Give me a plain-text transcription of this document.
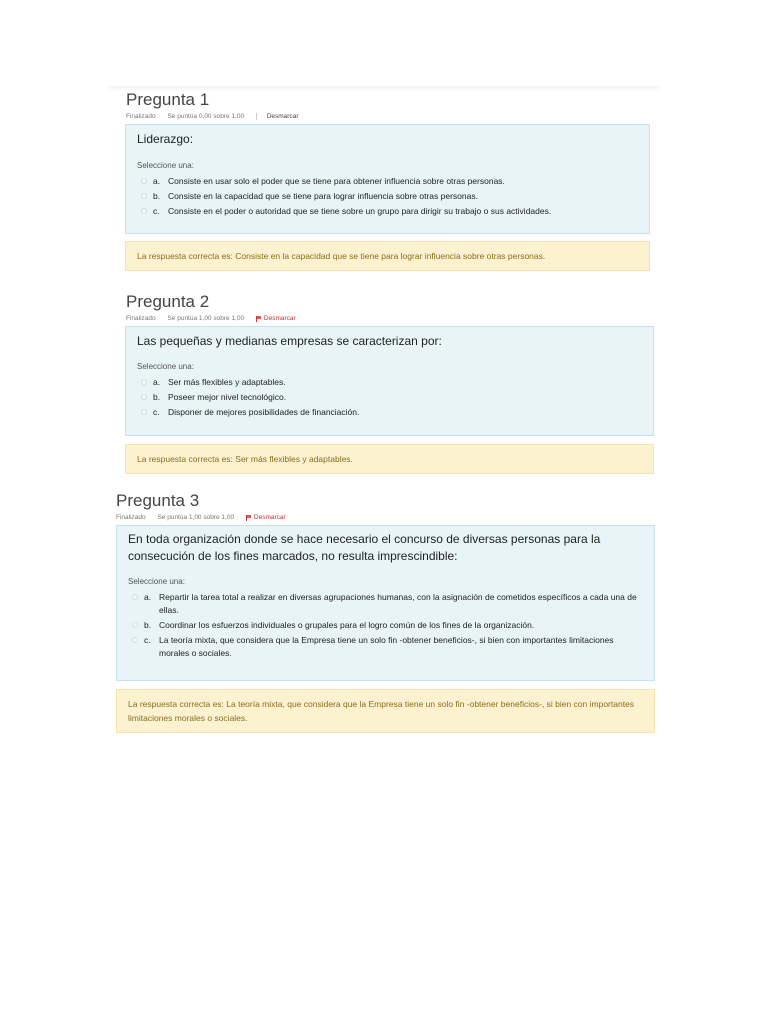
Pregunta 1
Finalizado Se puntúa 0,00 sobre 1,00	Desmarcar
Liderazgo:
Seleccione una:
a. Consiste en usar solo el poder que se tiene para obtener influencia sobre otras personas.
b. Consiste en la capacidad que se tiene para lograr influencia sobre otras personas.
c. Consiste en el poder o autoridad que se tiene sobre un grupo para dirigir su trabajo o sus actividades.
La respuesta correcta es: Consiste en la capacidad que se tiene para lograr influencia sobre otras personas.
Pregunta 2
Finalizado Se puntúa 1,00 sobre 1,00	Desmarcar
Las pequeñas y medianas empresas se caracterizan por:
Seleccione una:
a. Ser más flexibles y adaptables.
b. Poseer mejor nivel tecnológico.
c. Disponer de mejores posibilidades de financiación.
La respuesta correcta es: Ser más flexibles y adaptables.
Pregunta 3
Finalizado Se puntúa 1,00 sobre 1,00	Desmarcar
En toda organización donde se hace necesario el concurso de diversas personas para la consecución de los fines marcados, no resulta imprescindible:
Seleccione una:
a. Repartir la tarea total a realizar en diversas agrupaciones humanas, con la asignación de cometidos específicos a cada una de ellas.
b. Coordinar los esfuerzos individuales o grupales para el logro común de los fines de la organización.
c. La teoría mixta, que considera que la Empresa tiene un solo fin -obtener beneficios-, si bien con importantes limitaciones morales o sociales.
La respuesta correcta es: La teoría mixta, que considera que la Empresa tiene un solo fin -obtener beneficios-, si bien con importantes limitaciones morales o sociales.
